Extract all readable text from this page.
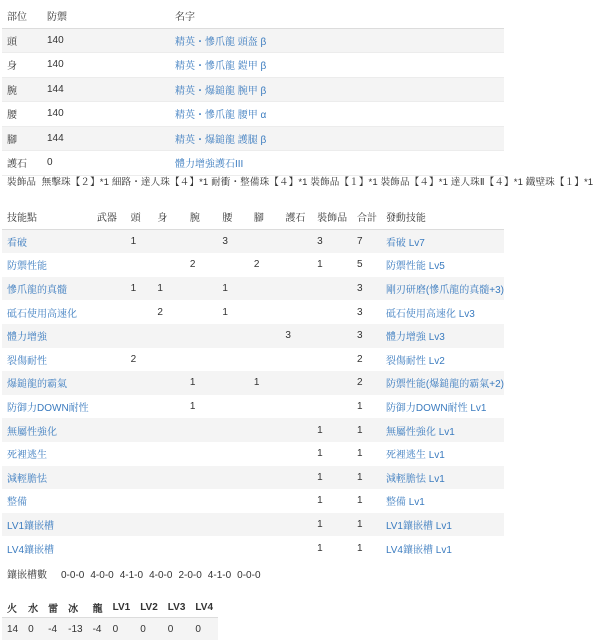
部位	防禦	名字
頭	140	精英・慘爪龍 頭盔 β
身	140	精英・慘爪龍 鎧甲 β
腕	144	精英・爆鎚龍 腕甲 β
腰	140	精英・慘爪龍 腰甲 α
腳	144	精英・爆鎚龍 護腿 β
護石	0	體力增強護石III
裝飾品 無擊珠【２】*1 細路・達人珠【４】*1 耐衝・整備珠【４】*1 裝飾品【１】*1 裝飾品【４】*1 達人珠Ⅱ【４】*1 鐵壁珠【１】*1
技能點	武器	頭	身	腕	腰	腳	護石	裝飾品	合計	發動技能
看破		1			3			3	7	看破 Lv7
防禦性能				2		2		1	5	防禦性能 Lv5
慘爪龍的真髓		1	1		1				3	剛刃研磨(慘爪龍的真髓+3)
砥石使用高速化			2		1				3	砥石使用高速化 Lv3
體力增強							3		3	體力增強 Lv3
裂傷耐性		2							2	裂傷耐性 Lv2
爆鎚龍的霸氣				1		1			2	防禦性能(爆鎚龍的霸氣+2)
防御力DOWN耐性				1					1	防御力DOWN耐性 Lv1
無屬性強化								1	1	無屬性強化 Lv1
死裡逃生								1	1	死裡逃生 Lv1
減輕膽怯								1	1	減輕膽怯 Lv1
整備								1	1	整備 Lv1
LV1鑲嵌槽								1	1	LV1鑲嵌槽 Lv1
LV4鑲嵌槽								1	1	LV4鑲嵌槽 Lv1
鑲嵌槽數 0-0-0 4-0-0 4-1-0 4-0-0 2-0-0 4-1-0 0-0-0
火	水	雷	冰	龍	LV1	LV2	LV3	LV4
14	0	-4	-13	-4	0	0	0	0
